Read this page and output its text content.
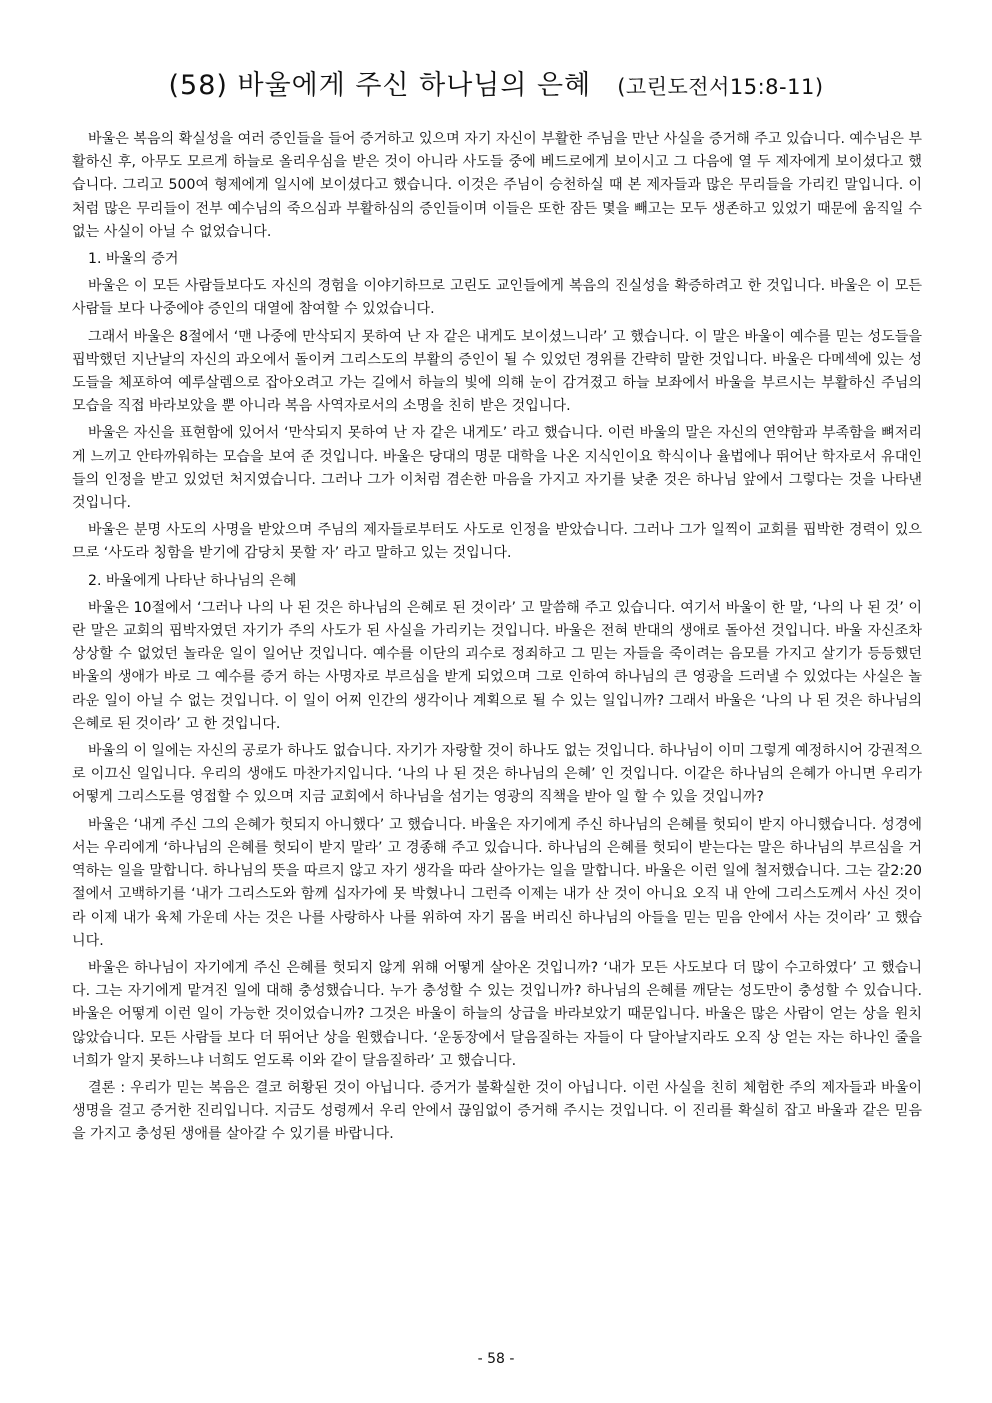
(58) 바울에게 주신 하나님의 은혜 (고린도전서15:8-11)

바울은 복음의 확실성을 여러 증인들을 들어 증거하고 있으며 자기 자신이 부활한 주님을 만난 사실을 증거해 주고 있습니다. 예수님은 부활하신 후, 아무도 모르게 하늘로 올리우심을 받은 것이 아니라 사도들 중에 베드로에게 보이시고 그 다음에 열 두 제자에게 보이셨다고 했습니다. 그리고 500여 형제에게 일시에 보이셨다고 했습니다. 이것은 주님이 승천하실 때 본 제자들과 많은 무리들을 가리킨 말입니다. 이처럼 많은 무리들이 전부 예수님의 죽으심과 부활하심의 증인들이며 이들은 또한 잠든 몇을 빼고는 모두 생존하고 있었기 때문에 움직일 수 없는 사실이 아닐 수 없었습니다.

1. 바울의 증거

바울은 이 모든 사람들보다도 자신의 경험을 이야기하므로 고린도 교인들에게 복음의 진실성을 확증하려고 한 것입니다. 바울은 이 모든 사람들 보다 나중에야 증인의 대열에 참여할 수 있었습니다.

그래서 바울은 8절에서 ‘맨 나중에 만삭되지 못하여 난 자 같은 내게도 보이셨느니라’ 고 했습니다. 이 말은 바울이 예수를 믿는 성도들을 핍박했던 지난날의 자신의 과오에서 돌이켜 그리스도의 부활의 증인이 될 수 있었던 경위를 간략히 말한 것입니다. 바울은 다메섹에 있는 성도들을 체포하여 예루살렘으로 잡아오려고 가는 길에서 하늘의 빛에 의해 눈이 감겨졌고 하늘 보좌에서 바울을 부르시는 부활하신 주님의 모습을 직접 바라보았을 뿐 아니라 복음 사역자로서의 소명을 친히 받은 것입니다.

바울은 자신을 표현함에 있어서 ‘만삭되지 못하여 난 자 같은 내게도’ 라고 했습니다. 이런 바울의 말은 자신의 연약함과 부족함을 뼈저리게 느끼고 안타까워하는 모습을 보여 준 것입니다. 바울은 당대의 명문 대학을 나온 지식인이요 학식이나 율법에나 뛰어난 학자로서 유대인들의 인정을 받고 있었던 처지였습니다. 그러나 그가 이처럼 겸손한 마음을 가지고 자기를 낮춘 것은 하나님 앞에서 그렇다는 것을 나타낸 것입니다.

바울은 분명 사도의 사명을 받았으며 주님의 제자들로부터도 사도로 인정을 받았습니다. 그러나 그가 일찍이 교회를 핍박한 경력이 있으므로 ‘사도라 칭함을 받기에 감당치 못할 자’ 라고 말하고 있는 것입니다.

2. 바울에게 나타난 하나님의 은혜

바울은 10절에서 ‘그러나 나의 나 된 것은 하나님의 은혜로 된 것이라’ 고 말씀해 주고 있습니다. 여기서 바울이 한 말, ‘나의 나 된 것’ 이란 말은 교회의 핍박자였던 자기가 주의 사도가 된 사실을 가리키는 것입니다. 바울은 전혀 반대의 생애로 돌아선 것입니다. 바울 자신조차 상상할 수 없었던 놀라운 일이 일어난 것입니다. 예수를 이단의 괴수로 정죄하고 그 믿는 자들을 죽이려는 음모를 가지고 살기가 등등했던 바울의 생애가 바로 그 예수를 증거 하는 사명자로 부르심을 받게 되었으며 그로 인하여 하나님의 큰 영광을 드러낼 수 있었다는 사실은 놀라운 일이 아닐 수 없는 것입니다. 이 일이 어찌 인간의 생각이나 계획으로 될 수 있는 일입니까? 그래서 바울은 ‘나의 나 된 것은 하나님의 은혜로 된 것이라’ 고 한 것입니다.

바울의 이 일에는 자신의 공로가 하나도 없습니다. 자기가 자랑할 것이 하나도 없는 것입니다. 하나님이 이미 그렇게 예정하시어 강권적으로 이끄신 일입니다. 우리의 생애도 마찬가지입니다. ‘나의 나 된 것은 하나님의 은혜’ 인 것입니다. 이같은 하나님의 은혜가 아니면 우리가 어떻게 그리스도를 영접할 수 있으며 지금 교회에서 하나님을 섬기는 영광의 직책을 받아 일 할 수 있을 것입니까?

바울은 ‘내게 주신 그의 은혜가 헛되지 아니했다’ 고 했습니다. 바울은 자기에게 주신 하나님의 은혜를 헛되이 받지 아니했습니다. 성경에서는 우리에게 ‘하나님의 은혜를 헛되이 받지 말라’ 고 경종해 주고 있습니다. 하나님의 은혜를 헛되이 받는다는 말은 하나님의 부르심을 거역하는 일을 말합니다. 하나님의 뜻을 따르지 않고 자기 생각을 따라 살아가는 일을 말합니다. 바울은 이런 일에 철저했습니다. 그는 갈2:20절에서 고백하기를 ‘내가 그리스도와 함께 십자가에 못 박혔나니 그런즉 이제는 내가 산 것이 아니요 오직 내 안에 그리스도께서 사신 것이라 이제 내가 육체 가운데 사는 것은 나를 사랑하사 나를 위하여 자기 몸을 버리신 하나님의 아들을 믿는 믿음 안에서 사는 것이라’ 고 했습니다.

바울은 하나님이 자기에게 주신 은혜를 헛되지 않게 위해 어떻게 살아온 것입니까? ‘내가 모든 사도보다 더 많이 수고하였다’ 고 했습니다. 그는 자기에게 맡겨진 일에 대해 충성했습니다. 누가 충성할 수 있는 것입니까? 하나님의 은혜를 깨닫는 성도만이 충성할 수 있습니다. 바울은 어떻게 이런 일이 가능한 것이었습니까? 그것은 바울이 하늘의 상급을 바라보았기 때문입니다. 바울은 많은 사람이 얻는 상을 원치 않았습니다. 모든 사람들 보다 더 뛰어난 상을 원했습니다. ‘운동장에서 달음질하는 자들이 다 달아날지라도 오직 상 얻는 자는 하나인 줄을 너희가 알지 못하느냐 너희도 얻도록 이와 같이 달음질하라’ 고 했습니다.

결론 : 우리가 믿는 복음은 결코 허황된 것이 아닙니다. 증거가 불확실한 것이 아닙니다. 이런 사실을 친히 체험한 주의 제자들과 바울이 생명을 걸고 증거한 진리입니다. 지금도 성령께서 우리 안에서 끊임없이 증거해 주시는 것입니다. 이 진리를 확실히 잡고 바울과 같은 믿음을 가지고 충성된 생애를 살아갈 수 있기를 바랍니다.

- 58 -
